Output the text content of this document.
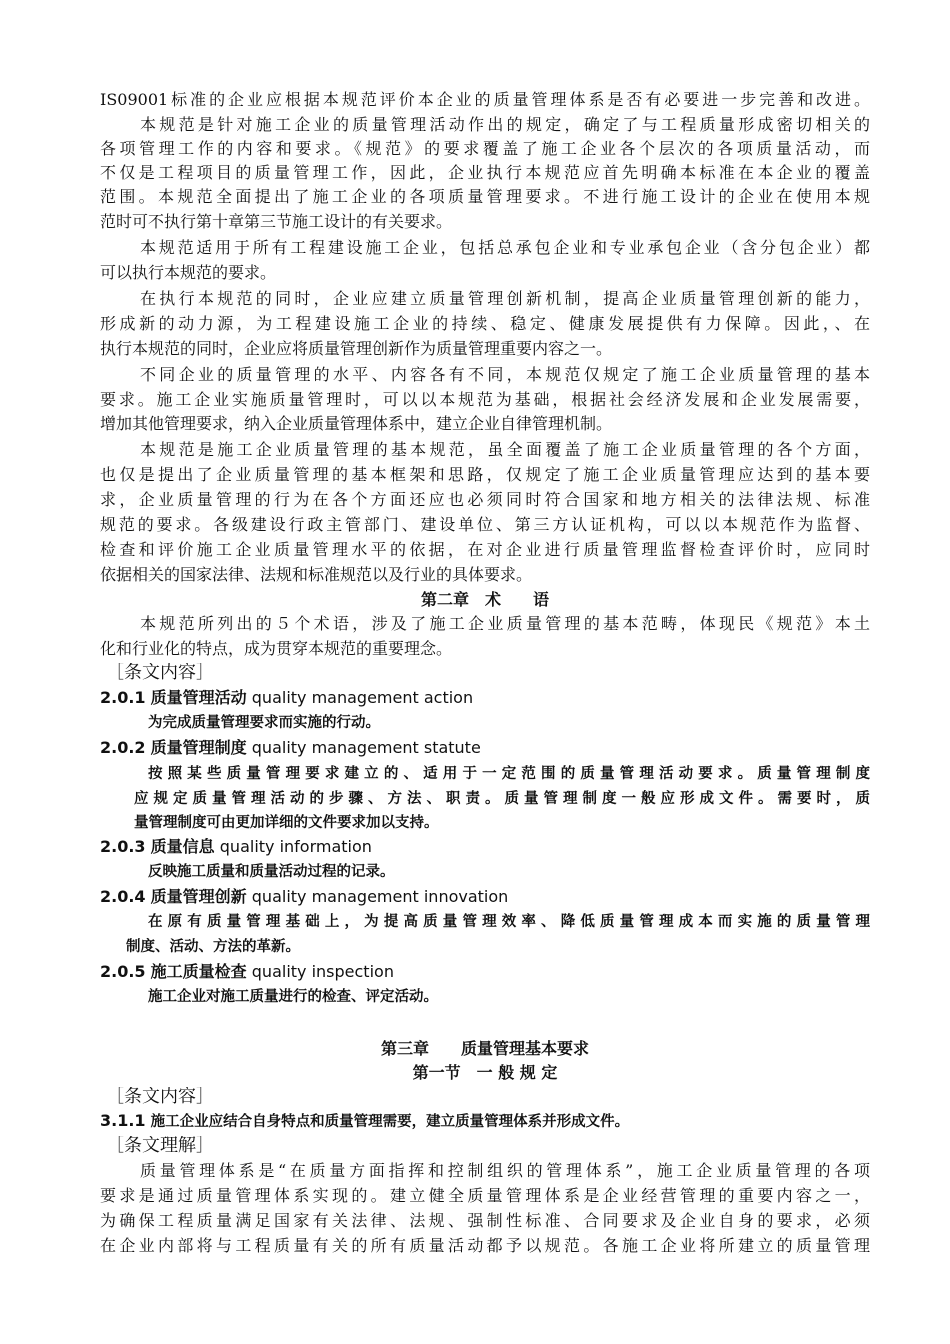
IS09001标准的企业应根据本规范评价本企业的质量管理体系是否有必要进一步完善和改进。
本规范是针对施工企业的质量管理活动作出的规定，确定了与工程质量形成密切相关的
各项管理工作的内容和要求。《规范》的要求覆盖了施工企业各个层次的各项质量活动，而
不仅是工程项目的质量管理工作，因此，企业执行本规范应首先明确本标准在本企业的覆盖
范围。本规范全面提出了施工企业的各项质量管理要求。不进行施工设计的企业在使用本规
范时可不执行第十章第三节施工设计的有关要求。
本规范适用于所有工程建设施工企业，包括总承包企业和专业承包企业（含分包企业）都
可以执行本规范的要求。
在执行本规范的同时，企业应建立质量管理创新机制，提高企业质量管理创新的能力，
形成新的动力源，为工程建设施工企业的持续、稳定、健康发展提供有力保障。因此，、在
执行本规范的同时，企业应将质量管理创新作为质量管理重要内容之一。
不同企业的质量管理的水平、内容各有不同，本规范仅规定了施工企业质量管理的基本
要求。施工企业实施质量管理时，可以以本规范为基础，根据社会经济发展和企业发展需要，
增加其他管理要求，纳入企业质量管理体系中，建立企业自律管理机制。
本规范是施工企业质量管理的基本规范，虽全面覆盖了施工企业质量管理的各个方面，
也仅是提出了企业质量管理的基本框架和思路，仅规定了施工企业质量管理应达到的基本要
求，企业质量管理的行为在各个方面还应也必须同时符合国家和地方相关的法律法规、标准
规范的要求。各级建设行政主管部门、建设单位、第三方认证机构，可以以本规范作为监督、
检查和评价施工企业质量管理水平的依据，在对企业进行质量管理监督检查评价时，应同时
依据相关的国家法律、法规和标准规范以及行业的具体要求。
第二章　术　　语
本规范所列出的５个术语，涉及了施工企业质量管理的基本范畴，体现民《规范》本土
化和行业化的特点，成为贯穿本规范的重要理念。
［条文内容］
2.0.1 质量管理活动 quality management action
为完成质量管理要求而实施的行动。
2.0.2 质量管理制度 quality management statute
按照某些质量管理要求建立的、适用于一定范围的质量管理活动要求。质量管理制度
应规定质量管理活动的步骤、方法、职责。质量管理制度一般应形成文件。需要时，质
量管理制度可由更加详细的文件要求加以支持。
2.0.3 质量信息 quality information
反映施工质量和质量活动过程的记录。
2.0.4 质量管理创新 quality management innovation
在原有质量管理基础上，为提高质量管理效率、降低质量管理成本而实施的质量管理
制度、活动、方法的革新。
2.0.5 施工质量检查 quality inspection
施工企业对施工质量进行的检查、评定活动。
第三章　　质量管理基本要求
第一节　一 般 规 定
［条文内容］
3.1.1 施工企业应结合自身特点和质量管理需要，建立质量管理体系并形成文件。
［条文理解］
质量管理体系是“在质量方面指挥和控制组织的管理体系”，施工企业质量管理的各项
要求是通过质量管理体系实现的。建立健全质量管理体系是企业经营管理的重要内容之一，
为确保工程质量满足国家有关法律、法规、强制性标准、合同要求及企业自身的要求，必须
在企业内部将与工程质量有关的所有质量活动都予以规范。各施工企业将所建立的质量管理
